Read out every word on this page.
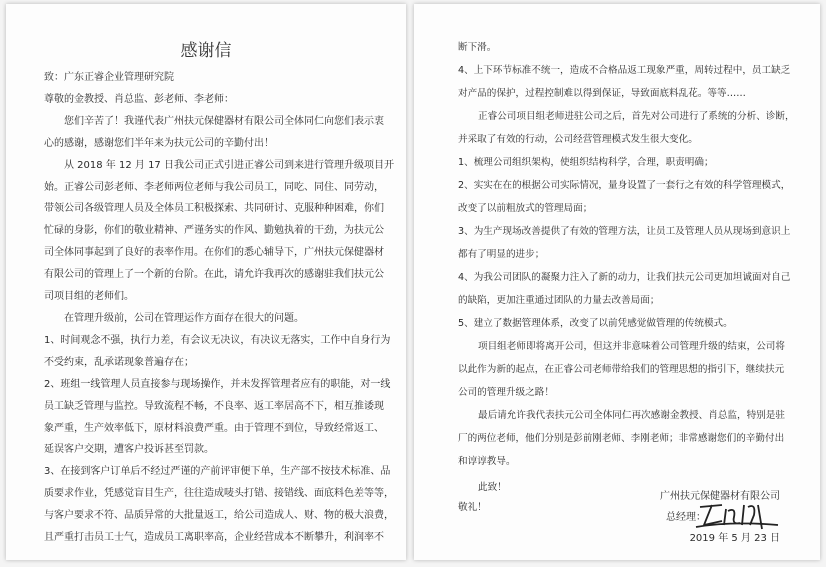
感谢信
致：广东正睿企业管理研究院
尊敬的金教授、肖总监、彭老师、李老师：
您们辛苦了！我谨代表广州扶元保健器材有限公司全体同仁向您们表示衷
心的感谢，感谢您们半年来为扶元公司的辛勤付出！
从 2018 年 12 月 17 日我公司正式引进正睿公司到来进行管理升级项目开
始。正睿公司彭老师、李老师两位老师与我公司员工，同吃、同住、同劳动，
带领公司各级管理人员及全体员工积极探索、共同研讨、克服种种困难，你们
忙碌的身影，你们的敬业精神、严谨务实的作风、勤勉执着的干劲，为扶元公
司全体同事起到了良好的表率作用。在你们的悉心辅导下，广州扶元保健器材
有限公司的管理上了一个新的台阶。在此，请允许我再次的感谢驻我们扶元公
司项目组的老师们。
在管理升级前，公司在管理运作方面存在很大的问题。
1、时间观念不强，执行力差，有会议无决议，有决议无落实，工作中自身行为
不受约束，乱承诺现象普遍存在；
2、班组一线管理人员直接参与现场操作，并未发挥管理者应有的职能，对一线
员工缺乏管理与监控。导致流程不畅，不良率、返工率居高不下，相互推诿现
象严重，生产效率低下，原材料浪费严重。由于管理不到位，导致经常返工、
延误客户交期，遭客户投诉甚至罚款。
3、在接到客户订单后不经过严谨的产前评审便下单，生产部不按技术标准、品
质要求作业，凭感觉盲目生产，往往造成唛头打错、接错线、面底料色差等等，
与客户要求不符、品质异常的大批量返工，给公司造成人、财、物的极大浪费，
且严重打击员工士气，造成员工离职率高，企业经营成本不断攀升，利润率不
断下滑。
4、上下环节标准不统一，造成不合格品返工现象严重，周转过程中，员工缺乏
对产品的保护，过程控制难以得到保证，导致面底料乱花。等等……
正睿公司项目组老师进驻公司之后，首先对公司进行了系统的分析、诊断，
并采取了有效的行动，公司经营管理模式发生很大变化。
1、梳理公司组织架构，使组织结构科学，合理，职责明确；
2、实实在在的根据公司实际情况，量身设置了一套行之有效的科学管理模式，
改变了以前粗放式的管理局面；
3、为生产现场改善提供了有效的管理方法，让员工及管理人员从现场到意识上
都有了明显的进步；
4、为我公司团队的凝聚力注入了新的动力，让我们扶元公司更加坦诚面对自己
的缺陷，更加注重通过团队的力量去改善局面；
5、建立了数据管理体系，改变了以前凭感觉做管理的传统模式。
项目组老师即将离开公司，但这并非意味着公司管理升级的结束，公司将
以此作为新的起点，在正睿公司老师带给我们的管理思想的指引下，继续扶元
公司的管理升级之路！
最后请允许我代表扶元公司全体同仁再次感谢金教授、肖总监，特别是驻
厂的两位老师，他们分别是彭前刚老师、李刚老师；非常感谢您们的辛勤付出
和谆谆教导。
此致！
敬礼！
广州扶元保健器材有限公司
总经理：
2019 年 5 月 23 日
